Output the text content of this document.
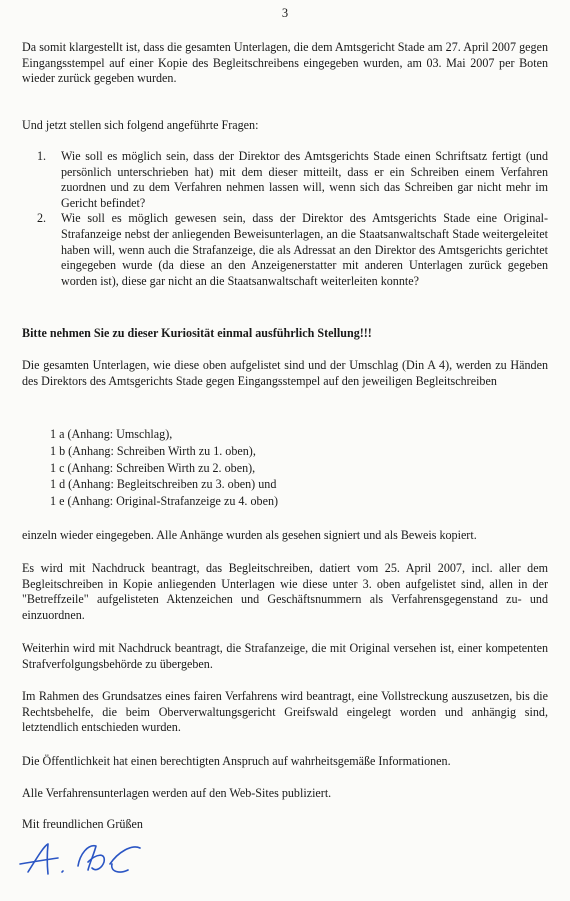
3

Da somit klargestellt ist, dass die gesamten Unterlagen, die dem Amtsgericht Stade am 27. April 2007 gegen Eingangsstempel auf einer Kopie des Begleitschreibens eingegeben wurden, am 03. Mai 2007 per Boten wieder zurück gegeben wurden.

Und jetzt stellen sich folgend angeführte Fragen:

1. Wie soll es möglich sein, dass der Direktor des Amtsgerichts Stade einen Schriftsatz fertigt (und persönlich unterschrieben hat) mit dem dieser mitteilt, dass er ein Schreiben einem Verfahren zuordnen und zu dem Verfahren nehmen lassen will, wenn sich das Schreiben gar nicht mehr im Gericht befindet?
2. Wie soll es möglich gewesen sein, dass der Direktor des Amtsgerichts Stade eine Original-Strafanzeige nebst der anliegenden Beweisunterlagen, an die Staatsanwaltschaft Stade weitergeleitet haben will, wenn auch die Strafanzeige, die als Adressat an den Direktor des Amtsgerichts gerichtet eingegeben wurde (da diese an den Anzeigenerstatter mit anderen Unterlagen zurück gegeben worden ist), diese gar nicht an die Staatsanwaltschaft weiterleiten konnte?

Bitte nehmen Sie zu dieser Kuriosität einmal ausführlich Stellung!!!

Die gesamten Unterlagen, wie diese oben aufgelistet sind und der Umschlag (Din A 4), werden zu Händen des Direktors des Amtsgerichts Stade gegen Eingangsstempel auf den jeweiligen Begleitschreiben

1 a (Anhang: Umschlag),
1 b (Anhang: Schreiben Wirth zu 1. oben),
1 c (Anhang: Schreiben Wirth zu 2. oben),
1 d (Anhang: Begleitschreiben zu 3. oben) und
1 e (Anhang: Original-Strafanzeige zu 4. oben)

einzeln wieder eingegeben. Alle Anhänge wurden als gesehen signiert und als Beweis kopiert.

Es wird mit Nachdruck beantragt, das Begleitschreiben, datiert vom 25. April 2007, incl. aller dem Begleitschreiben in Kopie anliegenden Unterlagen wie diese unter 3. oben aufgelistet sind, allen in der "Betreffzeile" aufgelisteten Aktenzeichen und Geschäftsnummern als Verfahrensgegenstand zu- und einzuordnen.

Weiterhin wird mit Nachdruck beantragt, die Strafanzeige, die mit Original versehen ist, einer kompetenten Strafverfolgungsbehörde zu übergeben.

Im Rahmen des Grundsatzes eines fairen Verfahrens wird beantragt, eine Vollstreckung auszusetzen, bis die Rechtsbehelfe, die beim Oberverwaltungsgericht Greifswald eingelegt worden und anhängig sind, letztendlich entschieden wurden.

Die Öffentlichkeit hat einen berechtigten Anspruch auf wahrheitsgemäße Informationen.

Alle Verfahrensunterlagen werden auf den Web-Sites publiziert.

Mit freundlichen Grüßen
